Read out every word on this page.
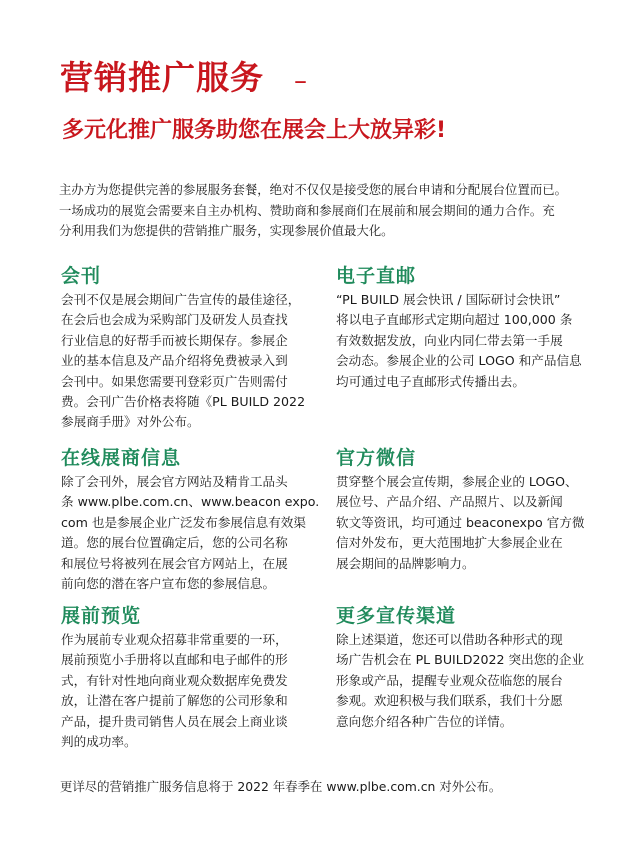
营销推广服务 –
多元化推广服务助您在展会上大放异彩!

主办方为您提供完善的参展服务套餐，绝对不仅仅是接受您的展台申请和分配展台位置而已。

一场成功的展览会需要来自主办机构、赞助商和参展商们在展前和展会期间的通力合作。充

分利用我们为您提供的营销推广服务，实现参展价值最大化。

会刊

会刊不仅是展会期间广告宣传的最佳途径，

在会后也会成为采购部门及研发人员查找

行业信息的好帮手而被长期保存。参展企

业的基本信息及产品介绍将免费被录入到

会刊中。如果您需要刊登彩页广告则需付

费。会刊广告价格表将随《PL BUILD 2022

参展商手册》对外公布。

电子直邮

“PL BUILD 展会快讯 / 国际研讨会快讯”

将以电子直邮形式定期向超过 100,000 条

有效数据发放，向业内同仁带去第一手展

会动态。参展企业的公司 LOGO 和产品信息

均可通过电子直邮形式传播出去。

在线展商信息

除了会刊外，展会官方网站及精肯工品头

条 www.plbe.com.cn、www.beacon expo.

com 也是参展企业广泛发布参展信息有效渠

道。您的展台位置确定后，您的公司名称

和展位号将被列在展会官方网站上，在展

前向您的潜在客户宣布您的参展信息。

官方微信

贯穿整个展会宣传期，参展企业的 LOGO、

展位号、产品介绍、产品照片、以及新闻

软文等资讯，均可通过 beaconexpo 官方微

信对外发布，更大范围地扩大参展企业在

展会期间的品牌影响力。

展前预览

作为展前专业观众招募非常重要的一环，

展前预览小手册将以直邮和电子邮件的形

式，有针对性地向商业观众数据库免费发

放，让潜在客户提前了解您的公司形象和

产品，提升贵司销售人员在展会上商业谈

判的成功率。

更多宣传渠道

除上述渠道，您还可以借助各种形式的现

场广告机会在 PL BUILD2022 突出您的企业

形象或产品，提醒专业观众莅临您的展台

参观。欢迎积极与我们联系，我们十分愿

意向您介绍各种广告位的详情。

更详尽的营销推广服务信息将于 2022 年春季在 www.plbe.com.cn 对外公布。
